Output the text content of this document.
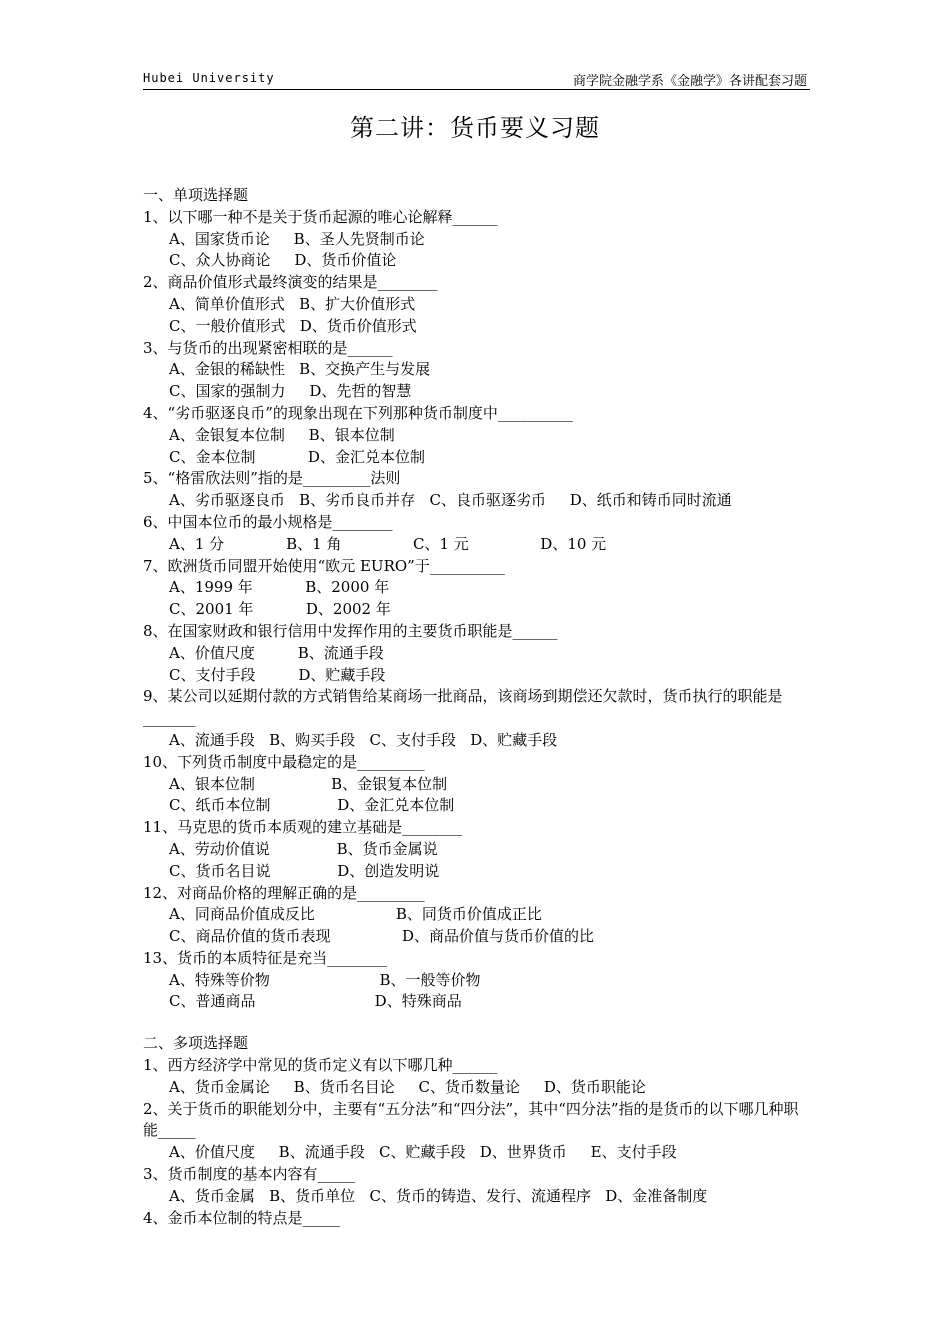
Hubei University	商学院金融学系《金融学》各讲配套习题
第二讲：货币要义习题
一、单项选择题
1、以下哪一种不是关于货币起源的唯心论解释______
A、国家货币论     B、圣人先贤制币论
C、众人协商论     D、货币价值论
2、商品价值形式最终演变的结果是________
A、简单价值形式   B、扩大价值形式
C、一般价值形式   D、货币价值形式
3、与货币的出现紧密相联的是______
A、金银的稀缺性   B、交换产生与发展
C、国家的强制力     D、先哲的智慧
4、“劣币驱逐良币”的现象出现在下列那种货币制度中__________
A、金银复本位制     B、银本位制
C、金本位制           D、金汇兑本位制
5、“格雷欣法则”指的是_________法则
A、劣币驱逐良币   B、劣币良币并存   C、良币驱逐劣币     D、纸币和铸币同时流通
6、中国本位币的最小规格是________
A、1 分             B、1 角               C、1 元               D、10 元
7、欧洲货币同盟开始使用“欧元 EURO”于__________
A、1999 年           B、2000 年
C、2001 年           D、2002 年
8、在国家财政和银行信用中发挥作用的主要货币职能是______
A、价值尺度         B、流通手段
C、支付手段         D、贮藏手段
9、某公司以延期付款的方式销售给某商场一批商品，该商场到期偿还欠款时，货币执行的职能是_______
A、流通手段   B、购买手段   C、支付手段   D、贮藏手段
10、下列货币制度中最稳定的是_________
A、银本位制                B、金银复本位制
C、纸币本位制              D、金汇兑本位制
11、马克思的货币本质观的建立基础是________
A、劳动价值说              B、货币金属说
C、货币名目说              D、创造发明说
12、对商品价格的理解正确的是_________
A、同商品价值成反比                 B、同货币价值成正比
C、商品价值的货币表现               D、商品价值与货币价值的比
13、货币的本质特征是充当________
A、特殊等价物                       B、一般等价物
C、普通商品                         D、特殊商品
二、多项选择题
1、西方经济学中常见的货币定义有以下哪几种______
A、货币金属论     B、货币名目论     C、货币数量论     D、货币职能论
2、关于货币的职能划分中，主要有“五分法”和“四分法”，其中“四分法”指的是货币的以下哪几种职能_____
A、价值尺度     B、流通手段   C、贮藏手段   D、世界货币     E、支付手段
3、货币制度的基本内容有_____
A、货币金属   B、货币单位   C、货币的铸造、发行、流通程序   D、金准备制度
4、金币本位制的特点是_____
